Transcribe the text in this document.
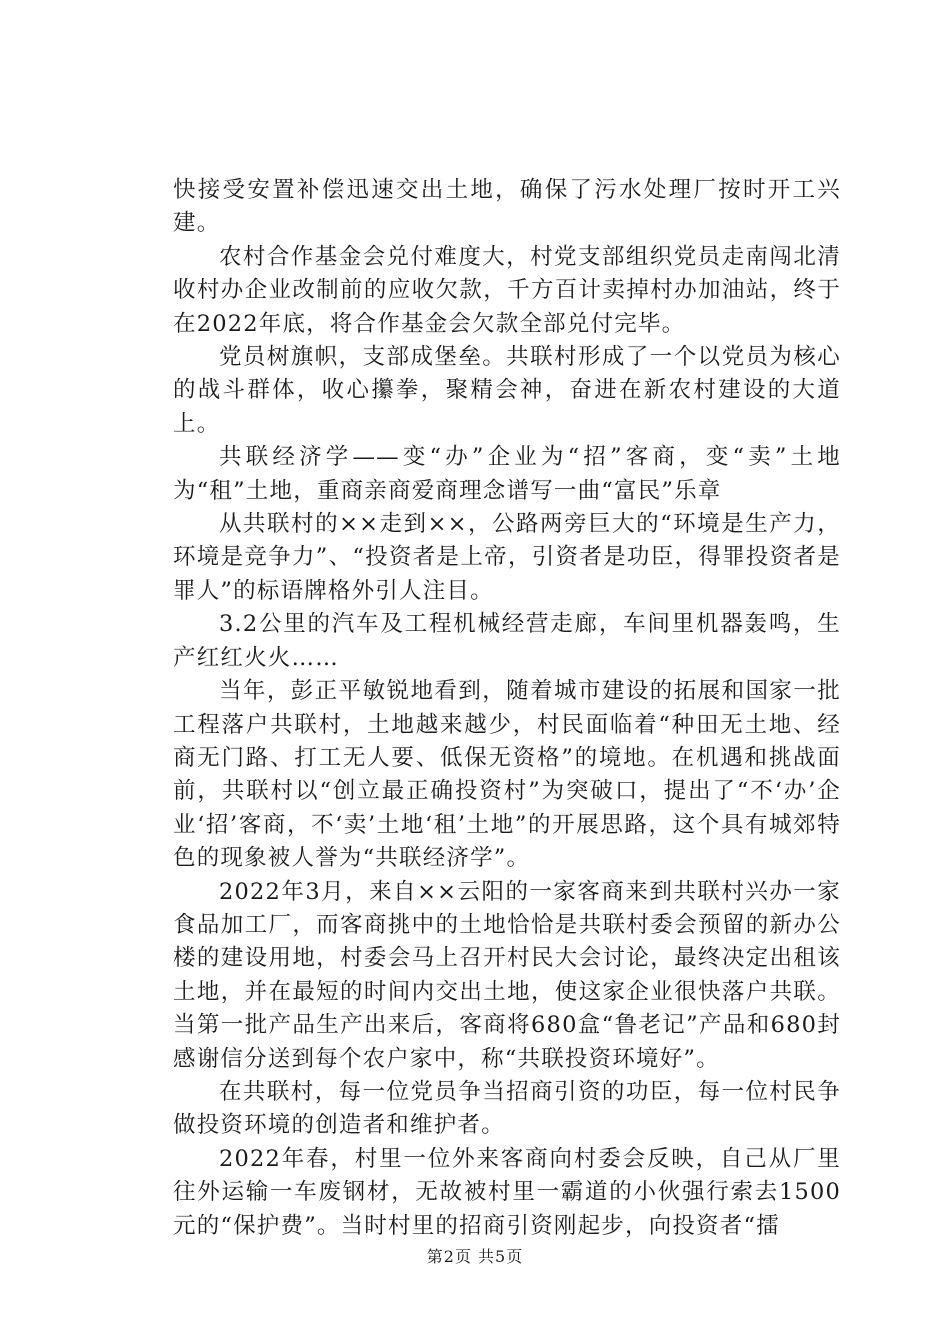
快接受安置补偿迅速交出土地，确保了污水处理厂按时开工兴建。

农村合作基金会兑付难度大，村党支部组织党员走南闯北清收村办企业改制前的应收欠款，千方百计卖掉村办加油站，终于在2022年底，将合作基金会欠款全部兑付完毕。

党员树旗帜，支部成堡垒。共联村形成了一个以党员为核心的战斗群体，收心攥拳，聚精会神，奋进在新农村建设的大道上。

共联经济学——变“办”企业为“招”客商，变“卖”土地为“租”土地，重商亲商爱商理念谱写一曲“富民”乐章

从共联村的××走到××，公路两旁巨大的“环境是生产力，环境是竞争力”、“投资者是上帝，引资者是功臣，得罪投资者是罪人”的标语牌格外引人注目。

3.2公里的汽车及工程机械经营走廊，车间里机器轰鸣，生产红红火火……

当年，彭正平敏锐地看到，随着城市建设的拓展和国家一批工程落户共联村，土地越来越少，村民面临着“种田无土地、经商无门路、打工无人要、低保无资格”的境地。在机遇和挑战面前，共联村以“创立最正确投资村”为突破口，提出了“不‘办’企业‘招’客商，不‘卖’土地‘租’土地”的开展思路，这个具有城郊特色的现象被人誉为“共联经济学”。

2022年3月，来自××云阳的一家客商来到共联村兴办一家食品加工厂，而客商挑中的土地恰恰是共联村委会预留的新办公楼的建设用地，村委会马上召开村民大会讨论，最终决定出租该土地，并在最短的时间内交出土地，使这家企业很快落户共联。当第一批产品生产出来后，客商将680盒“鲁老记”产品和680封感谢信分送到每个农户家中，称“共联投资环境好”。

在共联村，每一位党员争当招商引资的功臣，每一位村民争做投资环境的创造者和维护者。

2022年春，村里一位外来客商向村委会反映，自己从厂里往外运输一车废钢材，无故被村里一霸道的小伙强行索去1500元的“保护费”。当时村里的招商引资刚起步，向投资者“擂

第2页 共5页
